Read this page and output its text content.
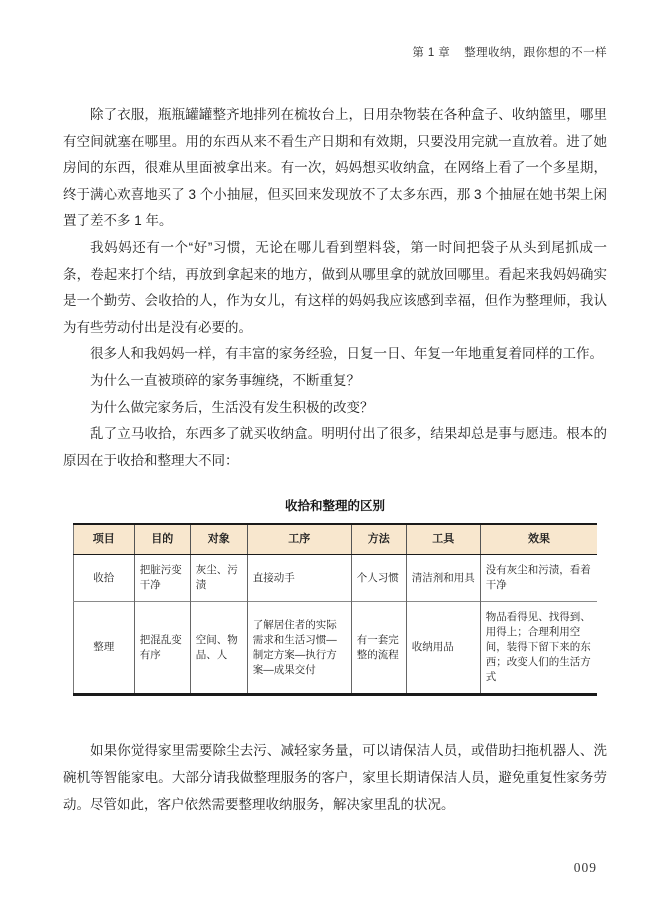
第 1 章 整理收纳，跟你想的不一样

除了衣服，瓶瓶罐罐整齐地排列在梳妆台上，日用杂物装在各种盒子、收纳篮里，哪里有空间就塞在哪里。用的东西从来不看生产日期和有效期，只要没用完就一直放着。进了她房间的东西，很难从里面被拿出来。有一次，妈妈想买收纳盒，在网络上看了一个多星期，终于满心欢喜地买了 3 个小抽屉，但买回来发现放不了太多东西，那 3 个抽屉在她书架上闲置了差不多 1 年。

我妈妈还有一个“好”习惯，无论在哪儿看到塑料袋，第一时间把袋子从头到尾抓成一条，卷起来打个结，再放到拿起来的地方，做到从哪里拿的就放回哪里。看起来我妈妈确实是一个勤劳、会收拾的人，作为女儿，有这样的妈妈我应该感到幸福，但作为整理师，我认为有些劳动付出是没有必要的。

很多人和我妈妈一样，有丰富的家务经验，日复一日、年复一年地重复着同样的工作。

为什么一直被琐碎的家务事缠绕，不断重复？

为什么做完家务后，生活没有发生积极的改变？

乱了立马收拾，东西多了就买收纳盒。明明付出了很多，结果却总是事与愿违。根本的原因在于收拾和整理大不同：

收拾和整理的区别
项目	目的	对象	工序	方法	工具	效果
收拾	把脏污变干净	灰尘、污渍	直接动手	个人习惯	清洁剂和用具	没有灰尘和污渍，看着干净
整理	把混乱变有序	空间、物品、人	了解居住者的实际需求和生活习惯—制定方案—执行方案—成果交付	有一套完整的流程	收纳用品	物品看得见、找得到、用得上；合理利用空间，装得下留下来的东西；改变人们的生活方式

如果你觉得家里需要除尘去污、减轻家务量，可以请保洁人员，或借助扫拖机器人、洗碗机等智能家电。大部分请我做整理服务的客户，家里长期请保洁人员，避免重复性家务劳动。尽管如此，客户依然需要整理收纳服务，解决家里乱的状况。

009
